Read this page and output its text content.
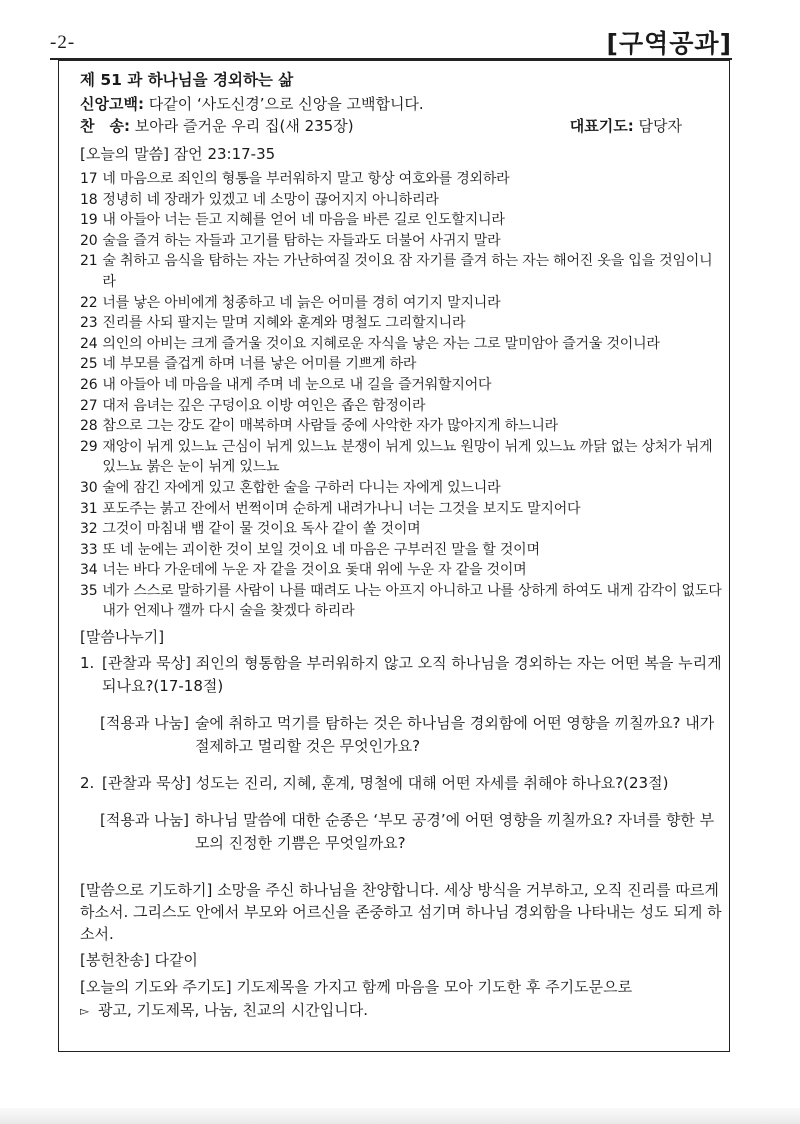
-2-	[구역공과]
제 51 과 하나님을 경외하는 삶
신앙고백: 다같이 ‘사도신경’으로 신앙을 고백합니다.
찬　송: 보아라 즐거운 우리 집(새 235장)	대표기도: 담당자
[오늘의 말씀] 잠언 23:17-35
17 네 마음으로 죄인의 형통을 부러워하지 말고 항상 여호와를 경외하라
18 정녕히 네 장래가 있겠고 네 소망이 끊어지지 아니하리라
19 내 아들아 너는 듣고 지혜를 얻어 네 마음을 바른 길로 인도할지니라
20 술을 즐겨 하는 자들과 고기를 탐하는 자들과도 더불어 사귀지 말라
21 술 취하고 음식을 탐하는 자는 가난하여질 것이요 잠 자기를 즐겨 하는 자는 해어진 옷을 입을 것임이니라
22 너를 낳은 아비에게 청종하고 네 늙은 어미를 경히 여기지 말지니라
23 진리를 사되 팔지는 말며 지혜와 훈계와 명철도 그리할지니라
24 의인의 아비는 크게 즐거울 것이요 지혜로운 자식을 낳은 자는 그로 말미암아 즐거울 것이니라
25 네 부모를 즐겁게 하며 너를 낳은 어미를 기쁘게 하라
26 내 아들아 네 마음을 내게 주며 네 눈으로 내 길을 즐거워할지어다
27 대저 음녀는 깊은 구덩이요 이방 여인은 좁은 함정이라
28 참으로 그는 강도 같이 매복하며 사람들 중에 사악한 자가 많아지게 하느니라
29 재앙이 뉘게 있느뇨 근심이 뉘게 있느뇨 분쟁이 뉘게 있느뇨 원망이 뉘게 있느뇨 까닭 없는 상처가 뉘게 있느뇨 붉은 눈이 뉘게 있느뇨
30 술에 잠긴 자에게 있고 혼합한 술을 구하러 다니는 자에게 있느니라
31 포도주는 붉고 잔에서 번쩍이며 순하게 내려가나니 너는 그것을 보지도 말지어다
32 그것이 마침내 뱀 같이 물 것이요 독사 같이 쏠 것이며
33 또 네 눈에는 괴이한 것이 보일 것이요 네 마음은 구부러진 말을 할 것이며
34 너는 바다 가운데에 누운 자 같을 것이요 돛대 위에 누운 자 같을 것이며
35 네가 스스로 말하기를 사람이 나를 때려도 나는 아프지 아니하고 나를 상하게 하여도 내게 감각이 없도다 내가 언제나 깰까 다시 술을 찾겠다 하리라
[말씀나누기]
1. [관찰과 묵상] 죄인의 형통함을 부러워하지 않고 오직 하나님을 경외하는 자는 어떤 복을 누리게 되나요?(17-18절)
[적용과 나눔] 술에 취하고 먹기를 탐하는 것은 하나님을 경외함에 어떤 영향을 끼칠까요? 내가 절제하고 멀리할 것은 무엇인가요?
2. [관찰과 묵상] 성도는 진리, 지혜, 훈계, 명철에 대해 어떤 자세를 취해야 하나요?(23절)
[적용과 나눔] 하나님 말씀에 대한 순종은 ‘부모 공경’에 어떤 영향을 끼칠까요? 자녀를 향한 부모의 진정한 기쁨은 무엇일까요?
[말씀으로 기도하기] 소망을 주신 하나님을 찬양합니다. 세상 방식을 거부하고, 오직 진리를 따르게 하소서. 그리스도 안에서 부모와 어르신을 존중하고 섬기며 하나님 경외함을 나타내는 성도 되게 하소서.
[봉헌찬송] 다같이
[오늘의 기도와 주기도] 기도제목을 가지고 함께 마음을 모아 기도한 후 주기도문으로
▻ 광고, 기도제목, 나눔, 친교의 시간입니다.
